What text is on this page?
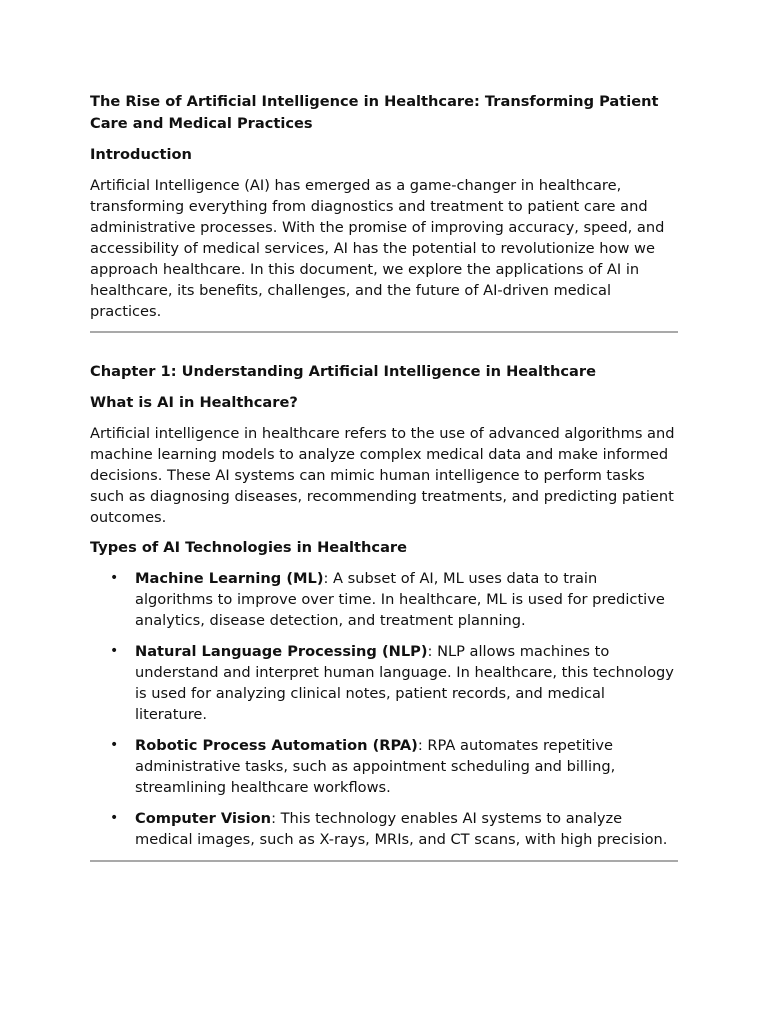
The Rise of Artificial Intelligence in Healthcare: Transforming Patient Care and Medical Practices
Introduction
Artificial Intelligence (AI) has emerged as a game-changer in healthcare, transforming everything from diagnostics and treatment to patient care and administrative processes. With the promise of improving accuracy, speed, and accessibility of medical services, AI has the potential to revolutionize how we approach healthcare. In this document, we explore the applications of AI in healthcare, its benefits, challenges, and the future of AI-driven medical practices.
Chapter 1: Understanding Artificial Intelligence in Healthcare
What is AI in Healthcare?
Artificial intelligence in healthcare refers to the use of advanced algorithms and machine learning models to analyze complex medical data and make informed decisions. These AI systems can mimic human intelligence to perform tasks such as diagnosing diseases, recommending treatments, and predicting patient outcomes.
Types of AI Technologies in Healthcare
• Machine Learning (ML): A subset of AI, ML uses data to train algorithms to improve over time. In healthcare, ML is used for predictive analytics, disease detection, and treatment planning.
• Natural Language Processing (NLP): NLP allows machines to understand and interpret human language. In healthcare, this technology is used for analyzing clinical notes, patient records, and medical literature.
• Robotic Process Automation (RPA): RPA automates repetitive administrative tasks, such as appointment scheduling and billing, streamlining healthcare workflows.
• Computer Vision: This technology enables AI systems to analyze medical images, such as X-rays, MRIs, and CT scans, with high precision.
